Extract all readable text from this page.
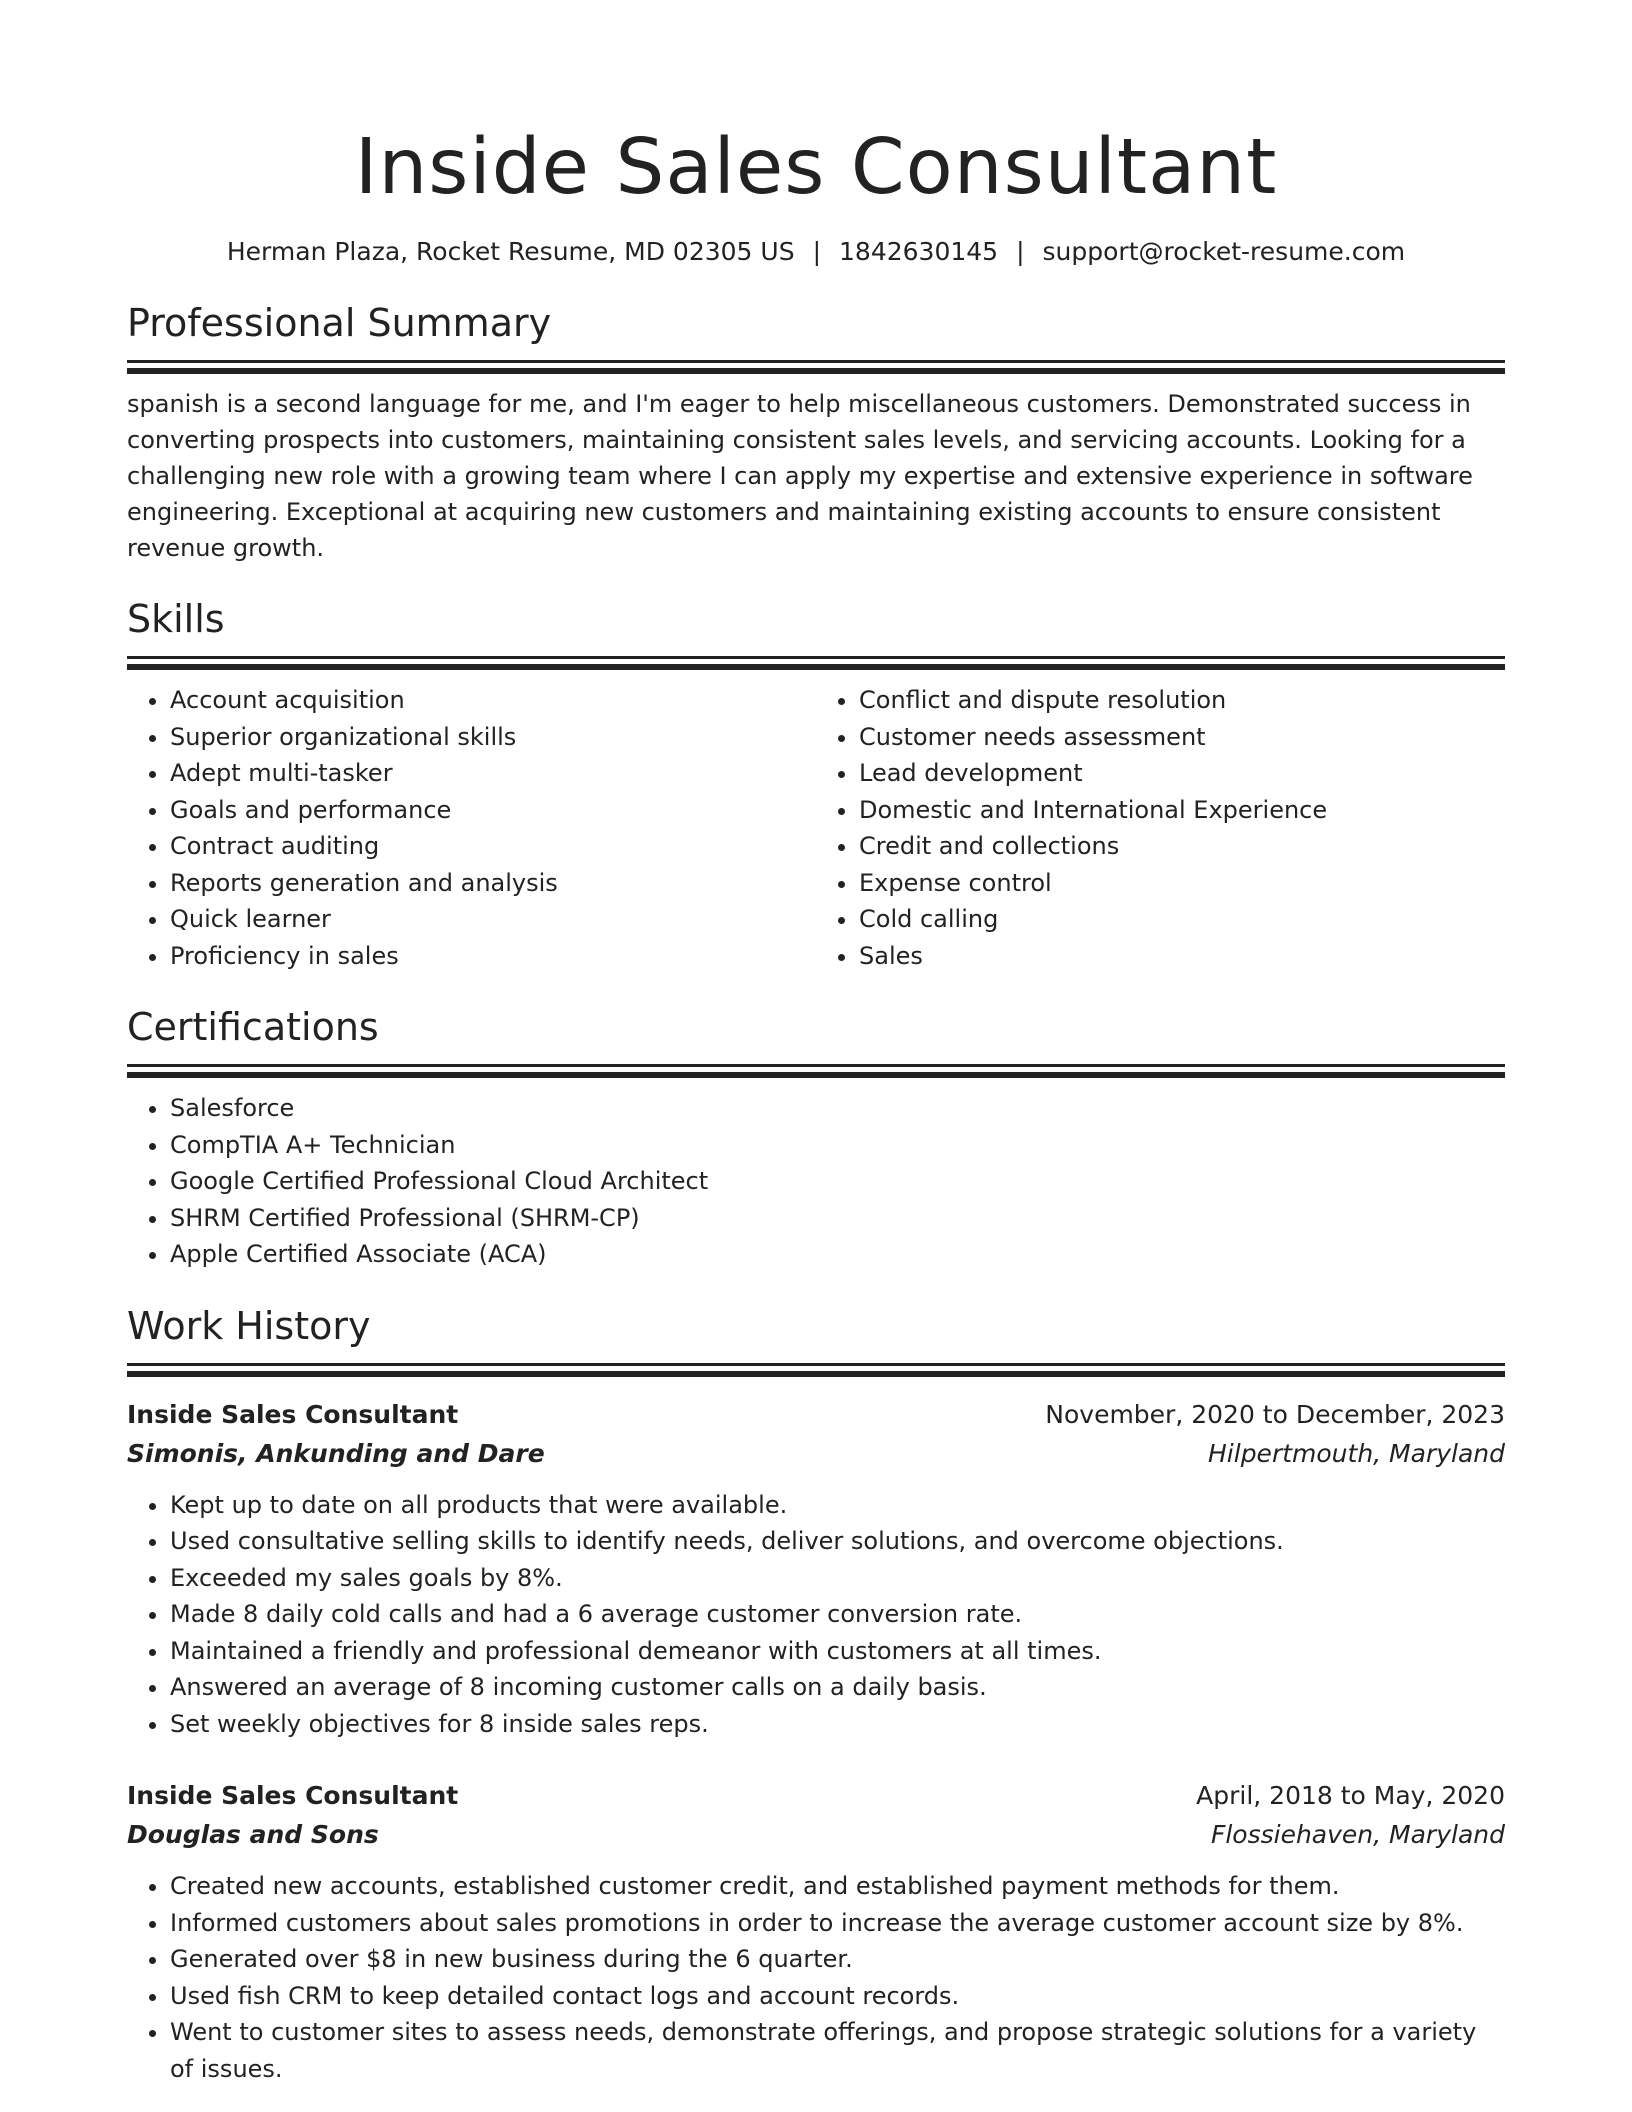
Inside Sales Consultant
Herman Plaza, Rocket Resume, MD 02305 US | 1842630145 | support@rocket-resume.com
Professional Summary
spanish is a second language for me, and I'm eager to help miscellaneous customers. Demonstrated success in converting prospects into customers, maintaining consistent sales levels, and servicing accounts. Looking for a challenging new role with a growing team where I can apply my expertise and extensive experience in software engineering. Exceptional at acquiring new customers and maintaining existing accounts to ensure consistent revenue growth.
Skills
• Account acquisition
• Superior organizational skills
• Adept multi-tasker
• Goals and performance
• Contract auditing
• Reports generation and analysis
• Quick learner
• Proficiency in sales
• Conflict and dispute resolution
• Customer needs assessment
• Lead development
• Domestic and International Experience
• Credit and collections
• Expense control
• Cold calling
• Sales
Certifications
• Salesforce
• CompTIA A+ Technician
• Google Certified Professional Cloud Architect
• SHRM Certified Professional (SHRM-CP)
• Apple Certified Associate (ACA)
Work History
Inside Sales Consultant	November, 2020 to December, 2023
Simonis, Ankunding and Dare	Hilpertmouth, Maryland
• Kept up to date on all products that were available.
• Used consultative selling skills to identify needs, deliver solutions, and overcome objections.
• Exceeded my sales goals by 8%.
• Made 8 daily cold calls and had a 6 average customer conversion rate.
• Maintained a friendly and professional demeanor with customers at all times.
• Answered an average of 8 incoming customer calls on a daily basis.
• Set weekly objectives for 8 inside sales reps.
Inside Sales Consultant	April, 2018 to May, 2020
Douglas and Sons	Flossiehaven, Maryland
• Created new accounts, established customer credit, and established payment methods for them.
• Informed customers about sales promotions in order to increase the average customer account size by 8%.
• Generated over $8 in new business during the 6 quarter.
• Used fish CRM to keep detailed contact logs and account records.
• Went to customer sites to assess needs, demonstrate offerings, and propose strategic solutions for a variety of issues.
